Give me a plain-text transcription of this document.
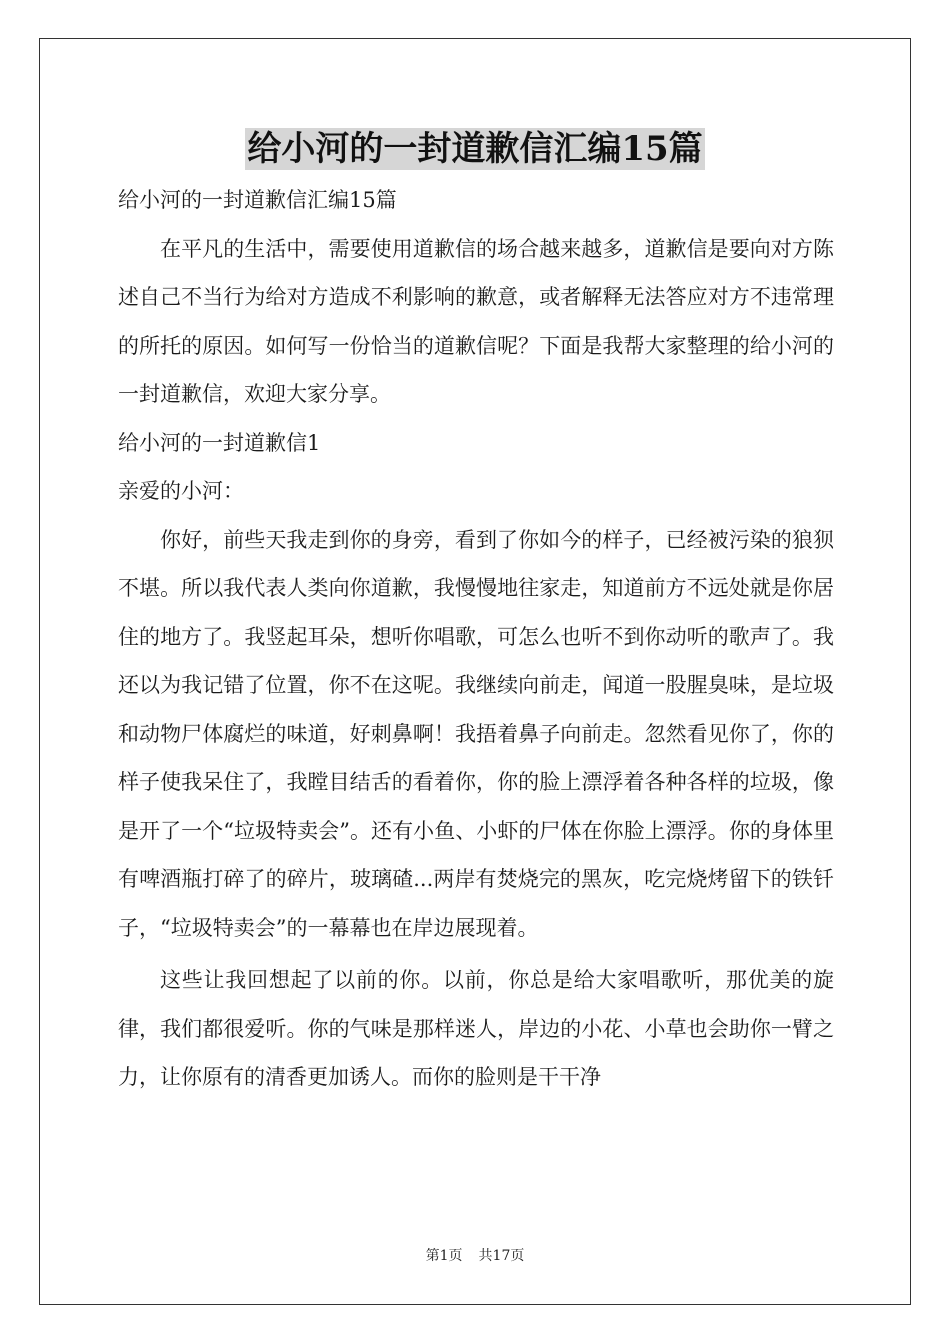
给小河的一封道歉信汇编15篇

给小河的一封道歉信汇编15篇

在平凡的生活中，需要使用道歉信的场合越来越多，道歉信是要向对方陈述自己不当行为给对方造成不利影响的歉意，或者解释无法答应对方不违常理的所托的原因。如何写一份恰当的道歉信呢？下面是我帮大家整理的给小河的一封道歉信，欢迎大家分享。

给小河的一封道歉信1

亲爱的小河：

你好，前些天我走到你的身旁，看到了你如今的样子，已经被污染的狼狈不堪。所以我代表人类向你道歉，我慢慢地往家走，知道前方不远处就是你居住的地方了。我竖起耳朵，想听你唱歌，可怎么也听不到你动听的歌声了。我还以为我记错了位置，你不在这呢。我继续向前走，闻道一股腥臭味，是垃圾和动物尸体腐烂的味道，好刺鼻啊！我捂着鼻子向前走。忽然看见你了，你的样子使我呆住了，我瞠目结舌的看着你，你的脸上漂浮着各种各样的垃圾，像是开了一个“垃圾特卖会”。还有小鱼、小虾的尸体在你脸上漂浮。你的身体里有啤酒瓶打碎了的碎片，玻璃碴...两岸有焚烧完的黑灰，吃完烧烤留下的铁钎子，“垃圾特卖会”的一幕幕也在岸边展现着。

这些让我回想起了以前的你。以前，你总是给大家唱歌听，那优美的旋律，我们都很爱听。你的气味是那样迷人，岸边的小花、小草也会助你一臂之力，让你原有的清香更加诱人。而你的脸则是干干净

第1页 共17页
